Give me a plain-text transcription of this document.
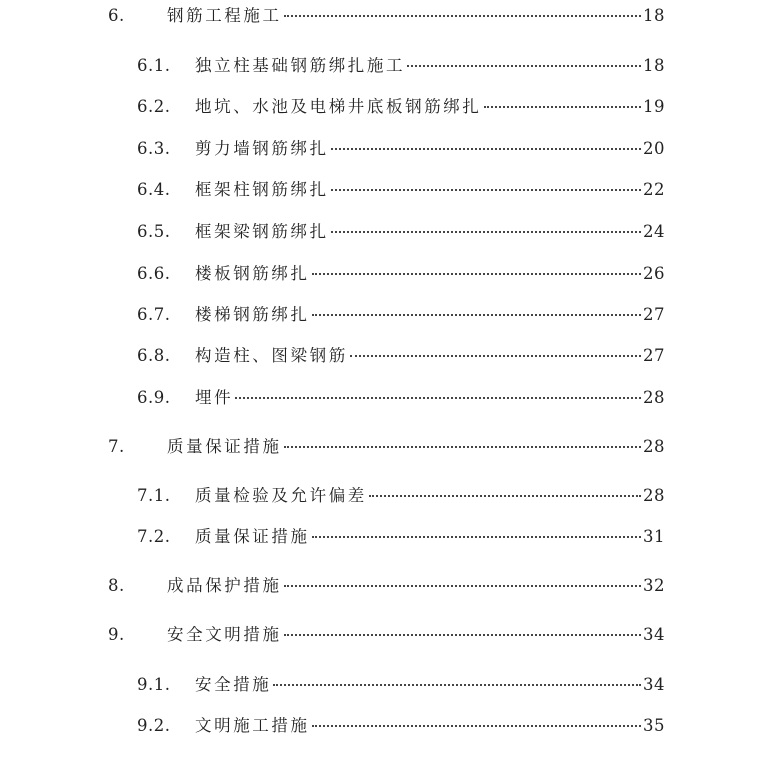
6.	钢筋工程施工	18
6.1. 独立柱基础钢筋绑扎施工	18
6.2. 地坑、水池及电梯井底板钢筋绑扎	19
6.3. 剪力墙钢筋绑扎	20
6.4. 框架柱钢筋绑扎	22
6.5. 框架梁钢筋绑扎	24
6.6. 楼板钢筋绑扎	26
6.7. 楼梯钢筋绑扎	27
6.8. 构造柱、图梁钢筋	27
6.9. 埋件	28
7.	质量保证措施	28
7.1. 质量检验及允许偏差	28
7.2. 质量保证措施	31
8.	成品保护措施	32
9.	安全文明措施	34
9.1. 安全措施	34
9.2. 文明施工措施	35
